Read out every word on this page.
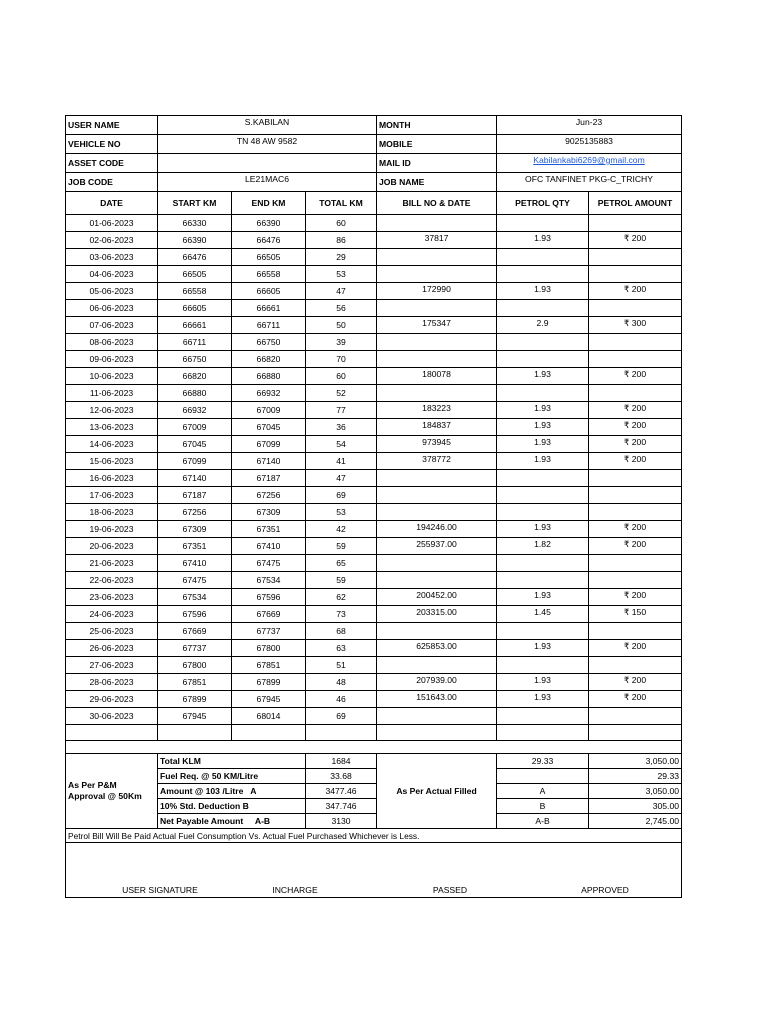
USER NAME	S.KABILAN			MONTH	Jun-23	
VEHICLE NO	TN 48 AW 9582			MOBILE	9025135883	
ASSET CODE				MAIL ID	Kabilankabi6269@gmail.com	
JOB CODE	LE21MAC6			JOB NAME	OFC TANFINET PKG-C_TRICHY	
DATE	START KM	END KM	TOTAL KM	BILL NO & DATE	PETROL QTY	PETROL AMOUNT
01-06-2023	66330	66390	60			
02-06-2023	66390	66476	86	37817	1.93	₹ 200
03-06-2023	66476	66505	29			
04-06-2023	66505	66558	53			
05-06-2023	66558	66605	47	172990	1.93	₹ 200
06-06-2023	66605	66661	56			
07-06-2023	66661	66711	50	175347	2.9	₹ 300
08-06-2023	66711	66750	39			
09-06-2023	66750	66820	70			
10-06-2023	66820	66880	60	180078	1.93	₹ 200
11-06-2023	66880	66932	52			
12-06-2023	66932	67009	77	183223	1.93	₹ 200
13-06-2023	67009	67045	36	184837	1.93	₹ 200
14-06-2023	67045	67099	54	973945	1.93	₹ 200
15-06-2023	67099	67140	41	378772	1.93	₹ 200
16-06-2023	67140	67187	47			
17-06-2023	67187	67256	69			
18-06-2023	67256	67309	53			
19-06-2023	67309	67351	42	194246.00	1.93	₹ 200
20-06-2023	67351	67410	59	255937.00	1.82	₹ 200
21-06-2023	67410	67475	65			
22-06-2023	67475	67534	59			
23-06-2023	67534	67596	62	200452.00	1.93	₹ 200
24-06-2023	67596	67669	73	203315.00	1.45	₹ 150
25-06-2023	67669	67737	68			
26-06-2023	67737	67800	63	625853.00	1.93	₹ 200
27-06-2023	67800	67851	51			
28-06-2023	67851	67899	48	207939.00	1.93	₹ 200
29-06-2023	67899	67945	46	151643.00	1.93	₹ 200
30-06-2023	67945	68014	69			

As Per P&M Approval @ 50Km	Total KLM		1684	As Per Actual Filled	29.33	3,050.00
	Fuel Req. @ 50 KM/Litre		33.68			29.33
	Amount @ 103 /Litre   A		3477.46		A	3,050.00
	10% Std. Deduction B		347.746		B	305.00
	Net Payable Amount     A-B		3130		A-B	2,745.00
Petrol Bill Will Be Paid Actual Fuel Consumption Vs. Actual Fuel Purchased Whichever is Less.						
USER SIGNATURE INCHARGE PASSED APPROVED						
